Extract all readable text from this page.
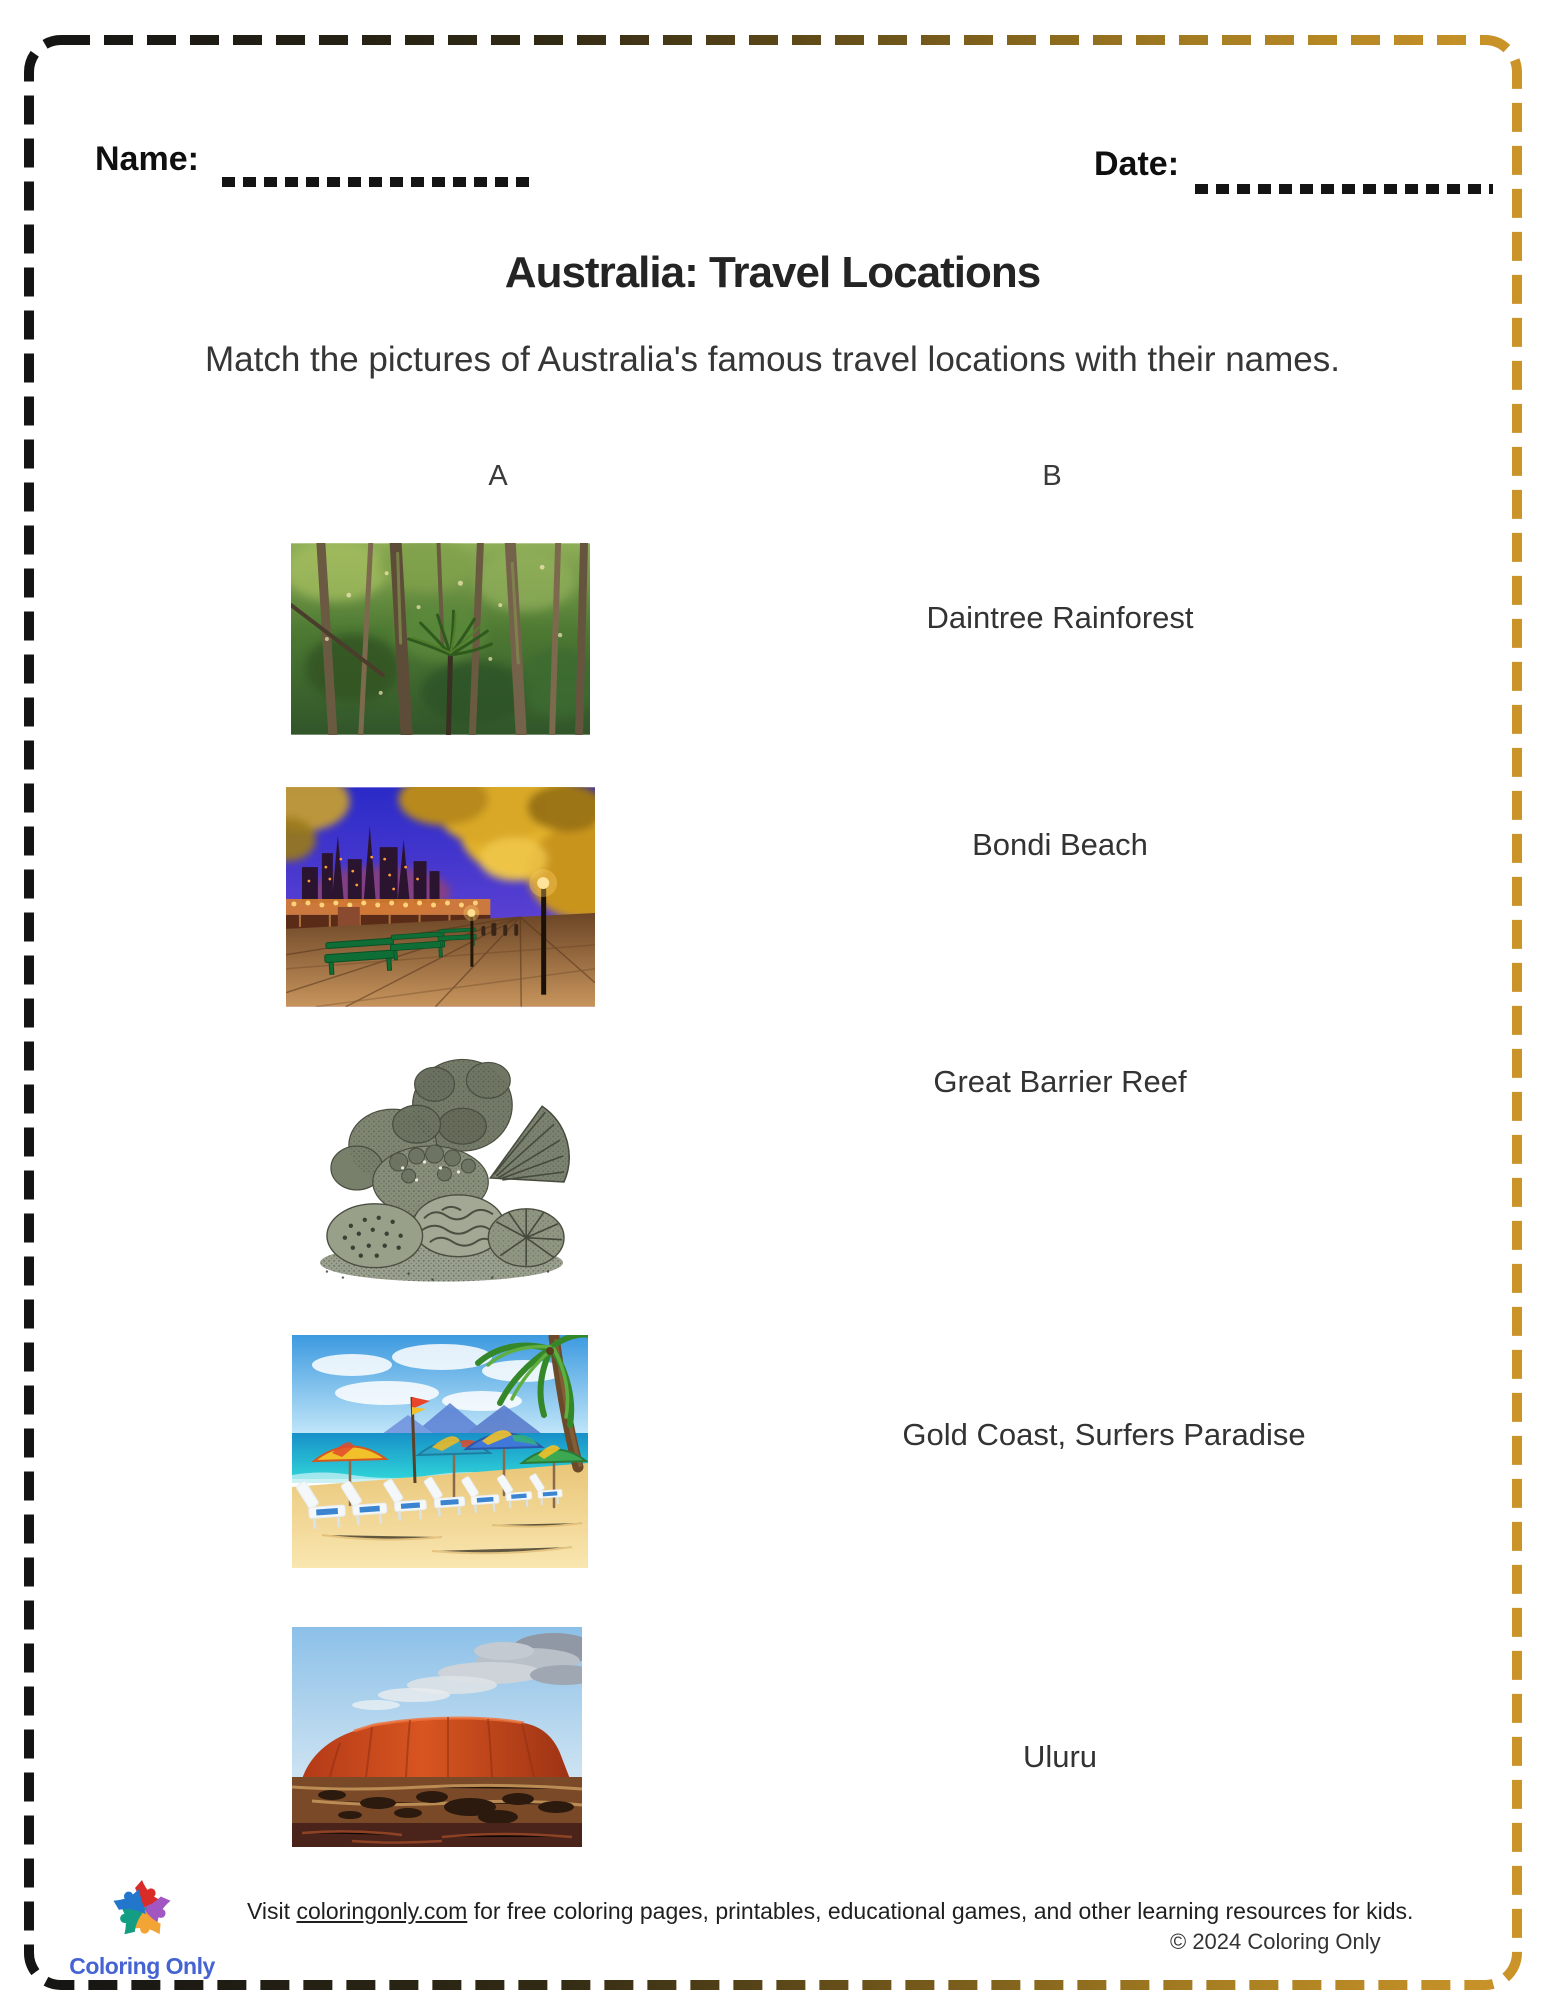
Name:	Date:
Australia: Travel Locations

Match the pictures of Australia's famous travel locations with their names.

A	B
Daintree Rainforest
Bondi Beach
Great Barrier Reef
Gold Coast, Surfers Paradise
Uluru
Coloring Only

Visit coloringonly.com for free coloring pages, printables, educational games, and other learning resources for kids.

© 2024 Coloring Only
